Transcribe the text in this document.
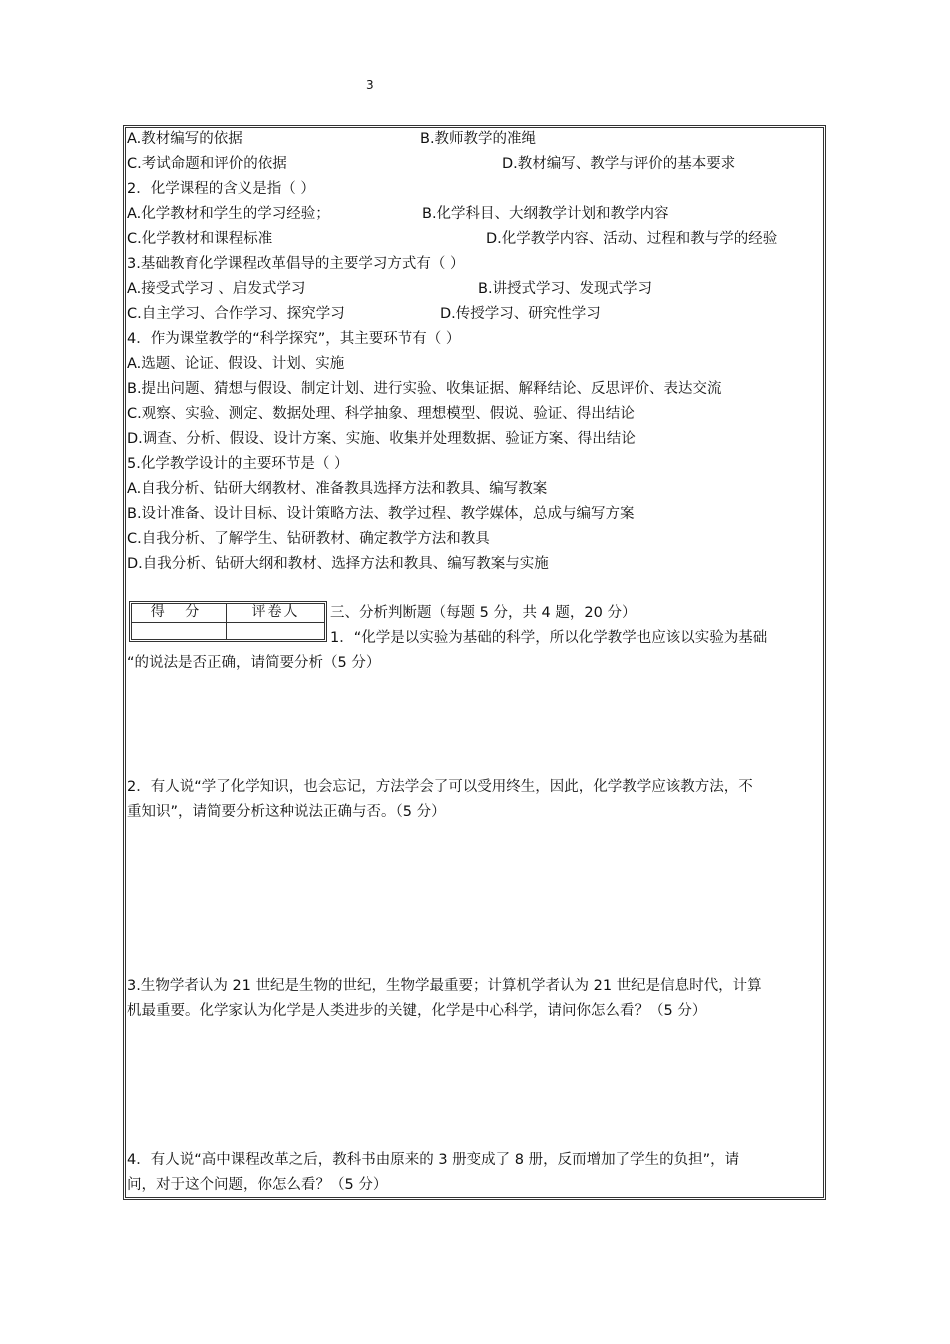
3
A.教材编写的依据	B.教师教学的准绳
C.考试命题和评价的依据	D.教材编写、教学与评价的基本要求
2．化学课程的含义是指（ ）
A.化学教材和学生的学习经验；	B.化学科目、大纲教学计划和教学内容
C.化学教材和课程标准	D.化学教学内容、活动、过程和教与学的经验
3.基础教育化学课程改革倡导的主要学习方式有（ ）
A.接受式学习 、启发式学习	B.讲授式学习、发现式学习
C.自主学习、合作学习、探究学习	D.传授学习、研究性学习
4．作为课堂教学的“科学探究”，其主要环节有（ ）
A.选题、论证、假设、计划、实施
B.提出问题、猜想与假设、制定计划、进行实验、收集证据、解释结论、反思评价、表达交流
C.观察、实验、测定、数据处理、科学抽象、理想模型、假说、验证、得出结论
D.调查、分析、假设、设计方案、实施、收集并处理数据、验证方案、得出结论
5.化学教学设计的主要环节是（ ）
A.自我分析、钻研大纲教材、准备教具选择方法和教具、编写教案
B.设计准备、设计目标、设计策略方法、教学过程、教学媒体，总成与编写方案
C.自我分析、了解学生、钻研教材、确定教学方法和教具
D.自我分析、钻研大纲和教材、选择方法和教具、编写教案与实施
得 分	评卷人	三、分析判断题（每题 5 分，共 4 题，20 分）
1．“化学是以实验为基础的科学，所以化学教学也应该以实验为基础
“的说法是否正确，请简要分析（5 分）
2．有人说“学了化学知识，也会忘记，方法学会了可以受用终生，因此，化学教学应该教方法，不
重知识”，请简要分析这种说法正确与否。（5 分）
3.生物学者认为 21 世纪是生物的世纪，生物学最重要；计算机学者认为 21 世纪是信息时代，计算
机最重要。化学家认为化学是人类进步的关键，化学是中心科学，请问你怎么看？（5 分）
4．有人说“高中课程改革之后，教科书由原来的 3 册变成了 8 册，反而增加了学生的负担”，请
问，对于这个问题，你怎么看？（5 分）
